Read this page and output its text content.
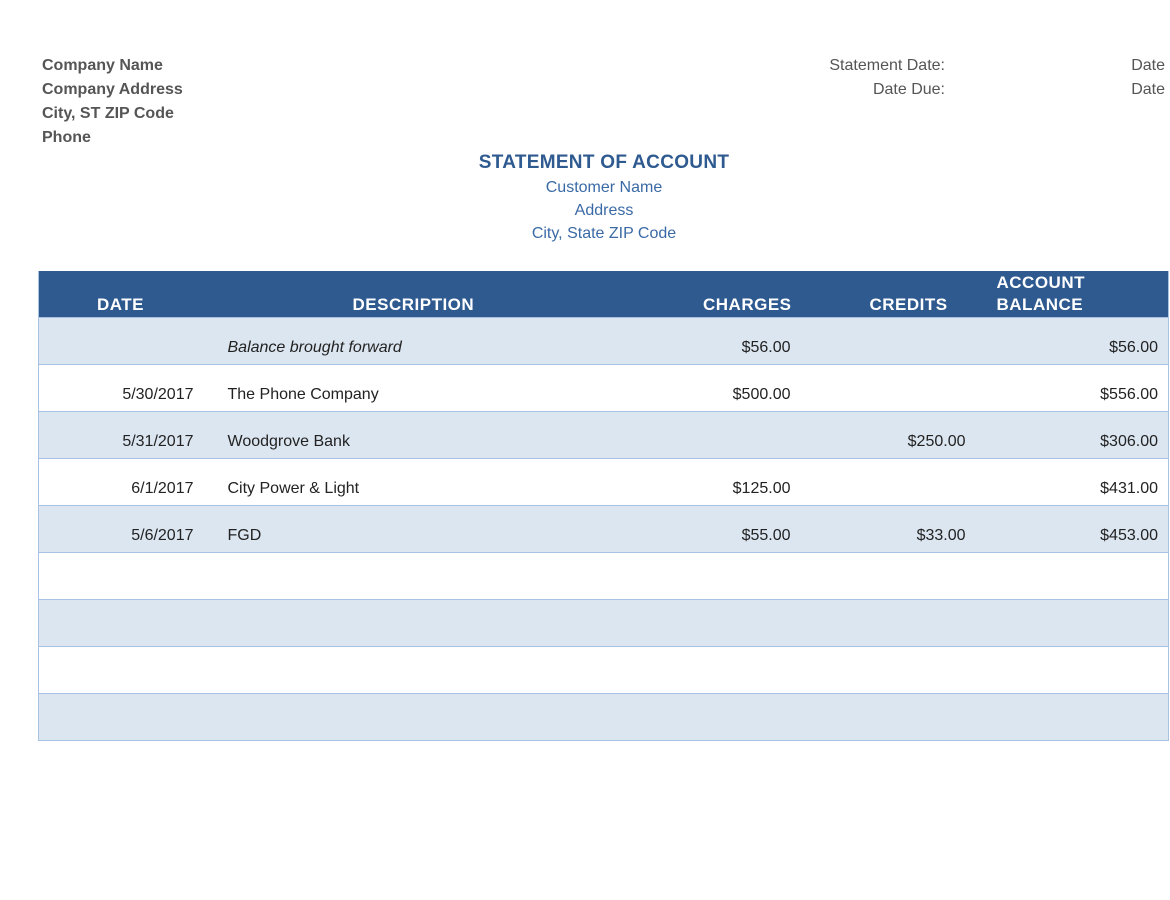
Company Name
Company Address
City, ST ZIP Code
Phone
Statement Date:	Date
Date Due:	Date
STATEMENT OF ACCOUNT
Customer Name
Address
City, State ZIP Code
DATE	DESCRIPTION	CHARGES	CREDITS	ACCOUNT
BALANCE

	Balance brought forward	$56.00		$56.00
5/30/2017	The Phone Company	$500.00		$556.00
5/31/2017	Woodgrove Bank		$250.00	$306.00
6/1/2017	City Power & Light	$125.00		$431.00
5/6/2017	FGD	$55.00	$33.00	$453.00
